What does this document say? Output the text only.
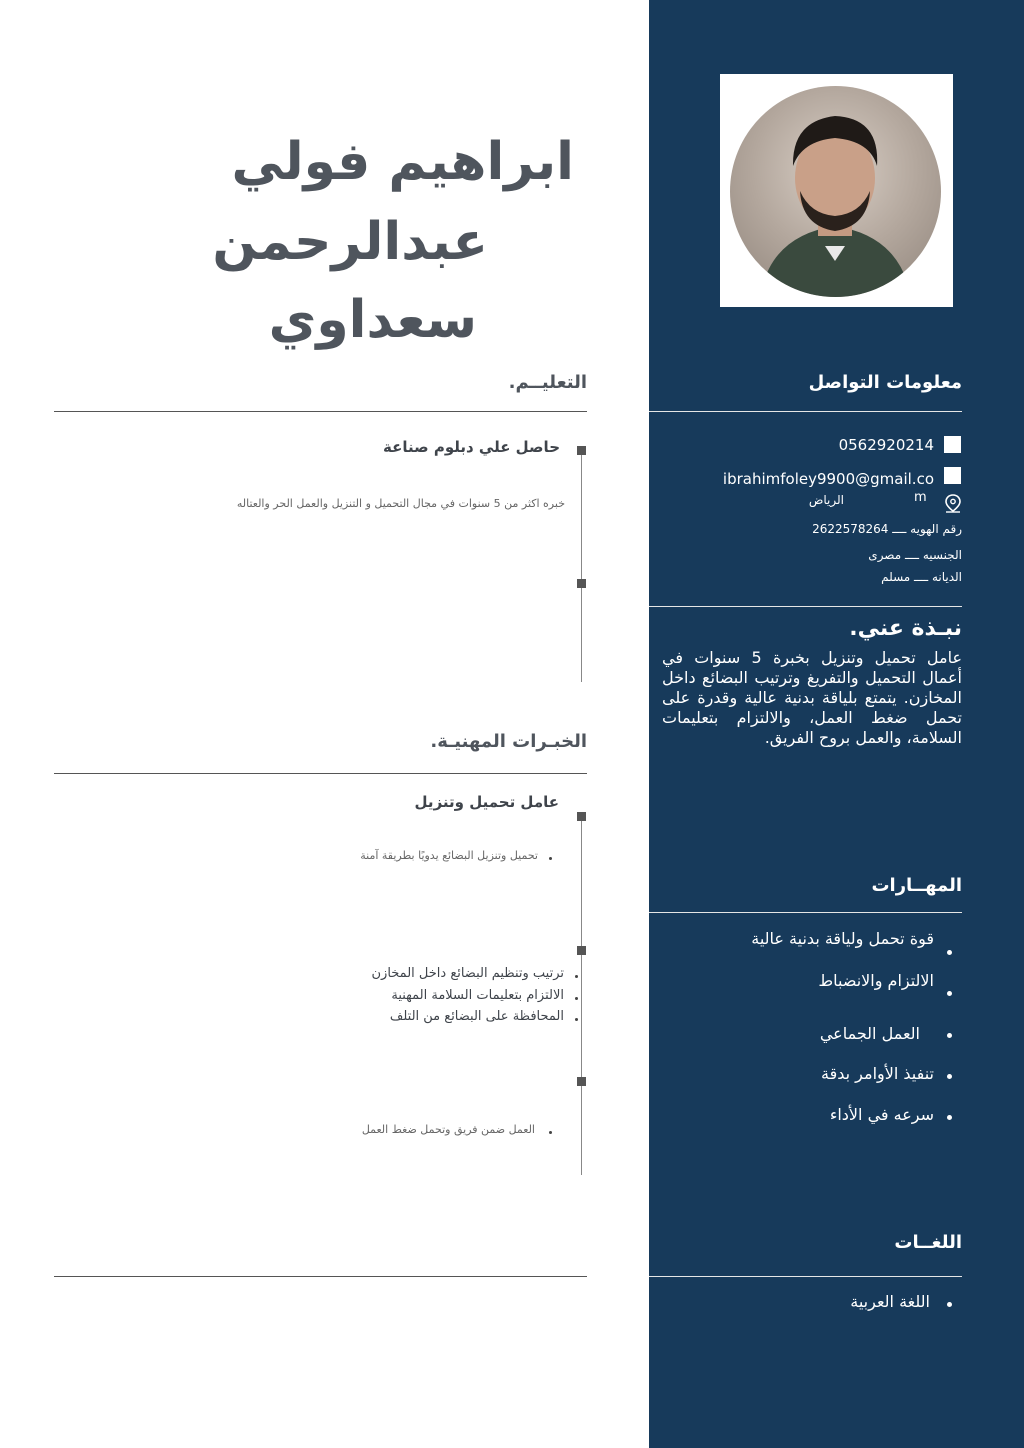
معلومات التواصل
0562920214
ibrahimfoley9900@gmail.co
m
الرياض
رقم الهويه ــــ 2622578264
الجنسيه ــــ مصرى
الديانه ــــ مسلم
نبـذة عني.
عامل تحميل وتنزيل بخبرة 5 سنوات في أعمال التحميل والتفريغ وترتيب البضائع داخل المخازن. يتمتع بلياقة بدنية عالية وقدرة على تحمل ضغط العمل، والالتزام بتعليمات السلامة، والعمل بروح الفريق.
المهــارات
قوة تحمل ولياقة بدنية عالية
الالتزام والانضباط
العمل الجماعي
تنفيذ الأوامر بدقة
سرعه في الأداء
اللغــات
اللغة العربية
ابراهيم فولي
عبدالرحمن
سعداوي
التعليــم.
حاصل علي دبلوم صناعة
خبره اكثر من 5 سنوات في مجال التحميل و التنزيل والعمل الحر والعتاله
الخبـرات المهنيـة.
عامل تحميل وتنزيل
تحميل وتنزيل البضائع يدويًا بطريقة آمنة
ترتيب وتنظيم البضائع داخل المخازن
الالتزام بتعليمات السلامة المهنية
المحافظة على البضائع من التلف
العمل ضمن فريق وتحمل ضغط العمل
